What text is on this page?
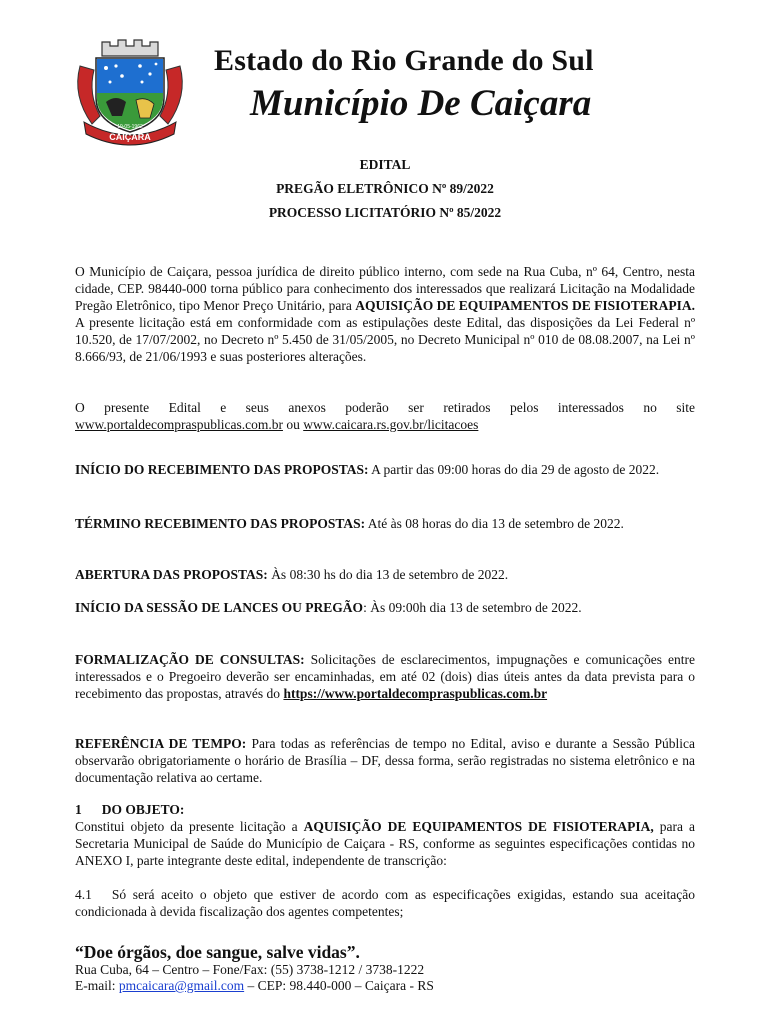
CAIÇARA
19-05-1962
Estado do Rio Grande do Sul
Município De Caiçara
EDITAL
PREGÃO ELETRÔNICO Nº 89/2022
PROCESSO LICITATÓRIO Nº 85/2022

O Município de Caiçara, pessoa jurídica de direito público interno, com sede na Rua Cuba, nº 64, Centro, nesta cidade, CEP. 98440-000 torna público para conhecimento dos interessados que realizará Licitação na Modalidade Pregão Eletrônico, tipo Menor Preço Unitário, para AQUISIÇÃO DE EQUIPAMENTOS DE FISIOTERAPIA. A presente licitação está em conformidade com as estipulações deste Edital, das disposições da Lei Federal nº 10.520, de 17/07/2002, no Decreto nº 5.450 de 31/05/2005, no Decreto Municipal nº 010 de 08.08.2007, na Lei nº 8.666/93, de 21/06/1993 e suas posteriores alterações.

O presente Edital e seus anexos poderão ser retirados pelos interessados no site www.portaldecompraspublicas.com.br ou www.caicara.rs.gov.br/licitacoes

INÍCIO DO RECEBIMENTO DAS PROPOSTAS: A partir das 09:00 horas do dia 29 de agosto de 2022.

TÉRMINO RECEBIMENTO DAS PROPOSTAS: Até às 08 horas do dia 13 de setembro de 2022.

ABERTURA DAS PROPOSTAS: Às 08:30 hs do dia 13 de setembro de 2022.

INÍCIO DA SESSÃO DE LANCES OU PREGÃO: Às 09:00h dia 13 de setembro de 2022.

FORMALIZAÇÃO DE CONSULTAS: Solicitações de esclarecimentos, impugnações e comunicações entre interessados e o Pregoeiro deverão ser encaminhadas, em até 02 (dois) dias úteis antes da data prevista para o recebimento das propostas, através do https://www.portaldecompraspublicas.com.br

REFERÊNCIA DE TEMPO: Para todas as referências de tempo no Edital, aviso e durante a Sessão Pública observarão obrigatoriamente o horário de Brasília – DF, dessa forma, serão registradas no sistema eletrônico e na documentação relativa ao certame.

1 DO OBJETO:

Constitui objeto da presente licitação a AQUISIÇÃO DE EQUIPAMENTOS DE FISIOTERAPIA, para a Secretaria Municipal de Saúde do Município de Caiçara - RS, conforme as seguintes especificações contidas no ANEXO I, parte integrante deste edital, independente de transcrição:

4.1 Só será aceito o objeto que estiver de acordo com as especificações exigidas, estando sua aceitação condicionada à devida fiscalização dos agentes competentes;

“Doe órgãos, doe sangue, salve vidas”.
Rua Cuba, 64 – Centro – Fone/Fax: (55) 3738-1212 / 3738-1222
E-mail: pmcaicara@gmail.com – CEP: 98.440-000 – Caiçara - RS
